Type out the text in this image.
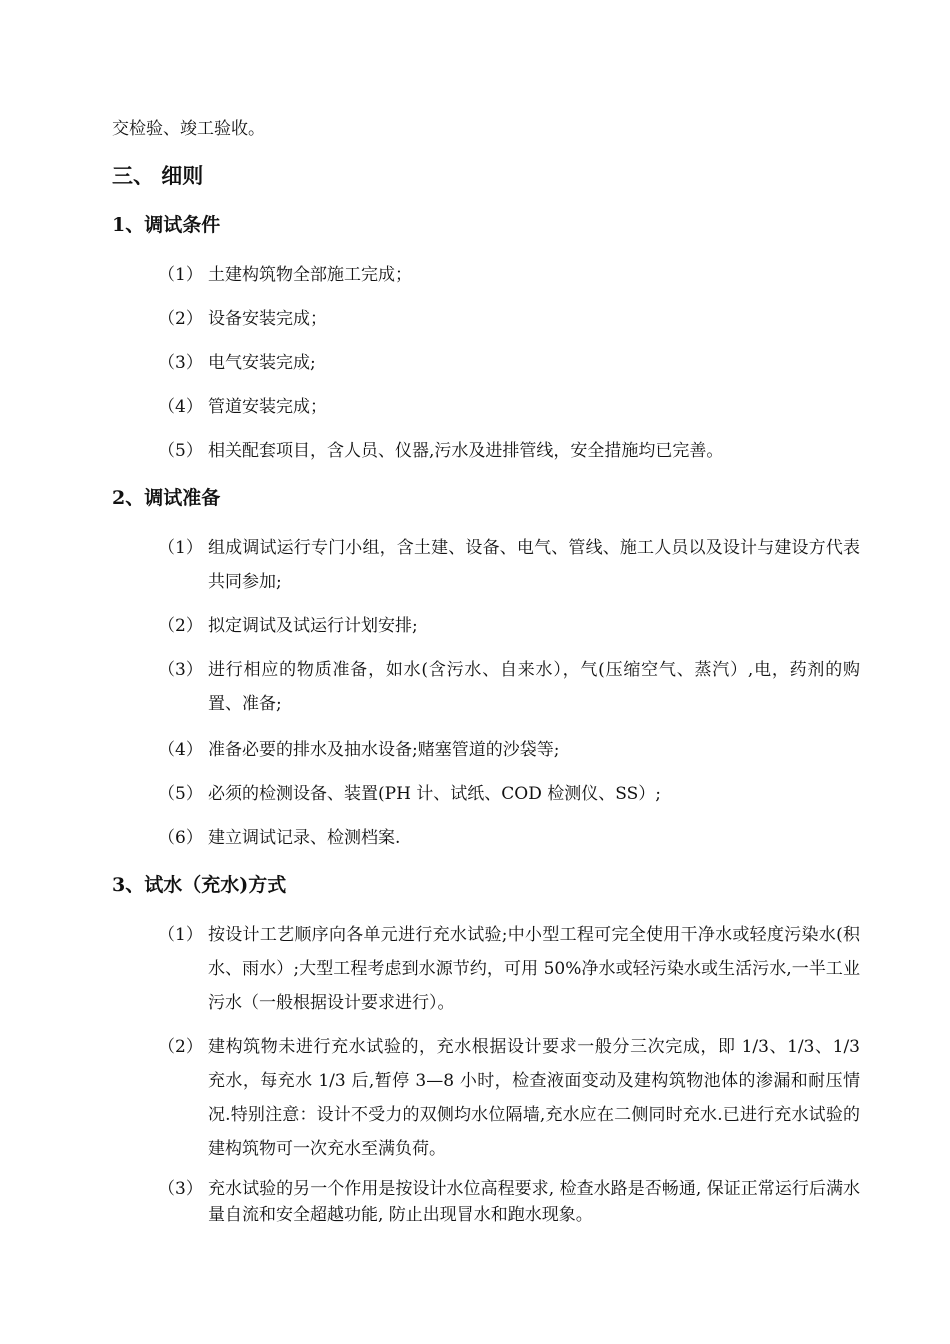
交检验、竣工验收。
三、 细则
1、调试条件
（1） 土建构筑物全部施工完成；
（2） 设备安装完成；
（3） 电气安装完成;
（4） 管道安装完成；
（5） 相关配套项目，含人员、仪器,污水及进排管线，安全措施均已完善。
2、调试准备
（1） 组成调试运行专门小组，含土建、设备、电气、管线、施工人员以及设计与建设方代表共同参加;
（2） 拟定调试及试运行计划安排;
（3） 进行相应的物质准备，如水(含污水、自来水），气(压缩空气、蒸汽）,电，药剂的购置、准备;
（4） 准备必要的排水及抽水设备;赌塞管道的沙袋等;
（5） 必须的检测设备、装置(PH 计、试纸、COD 检测仪、SS）;
（6） 建立调试记录、检测档案.
3、试水（充水)方式
（1） 按设计工艺顺序向各单元进行充水试验;中小型工程可完全使用干净水或轻度污染水(积水、雨水）;大型工程考虑到水源节约，可用 50%净水或轻污染水或生活污水,一半工业污水（一般根据设计要求进行）。
（2） 建构筑物未进行充水试验的，充水根据设计要求一般分三次完成，即 1/3、1/3、1/3 充水，每充水 1/3 后,暂停 3—8 小时，检查液面变动及建构筑物池体的渗漏和耐压情况.特别注意：设计不受力的双侧均水位隔墙,充水应在二侧同时充水.已进行充水试验的建构筑物可一次充水至满负荷。
（3） 充水试验的另一个作用是按设计水位高程要求, 检查水路是否畅通, 保证正常运行后满水量自流和安全超越功能, 防止出现冒水和跑水现象。
